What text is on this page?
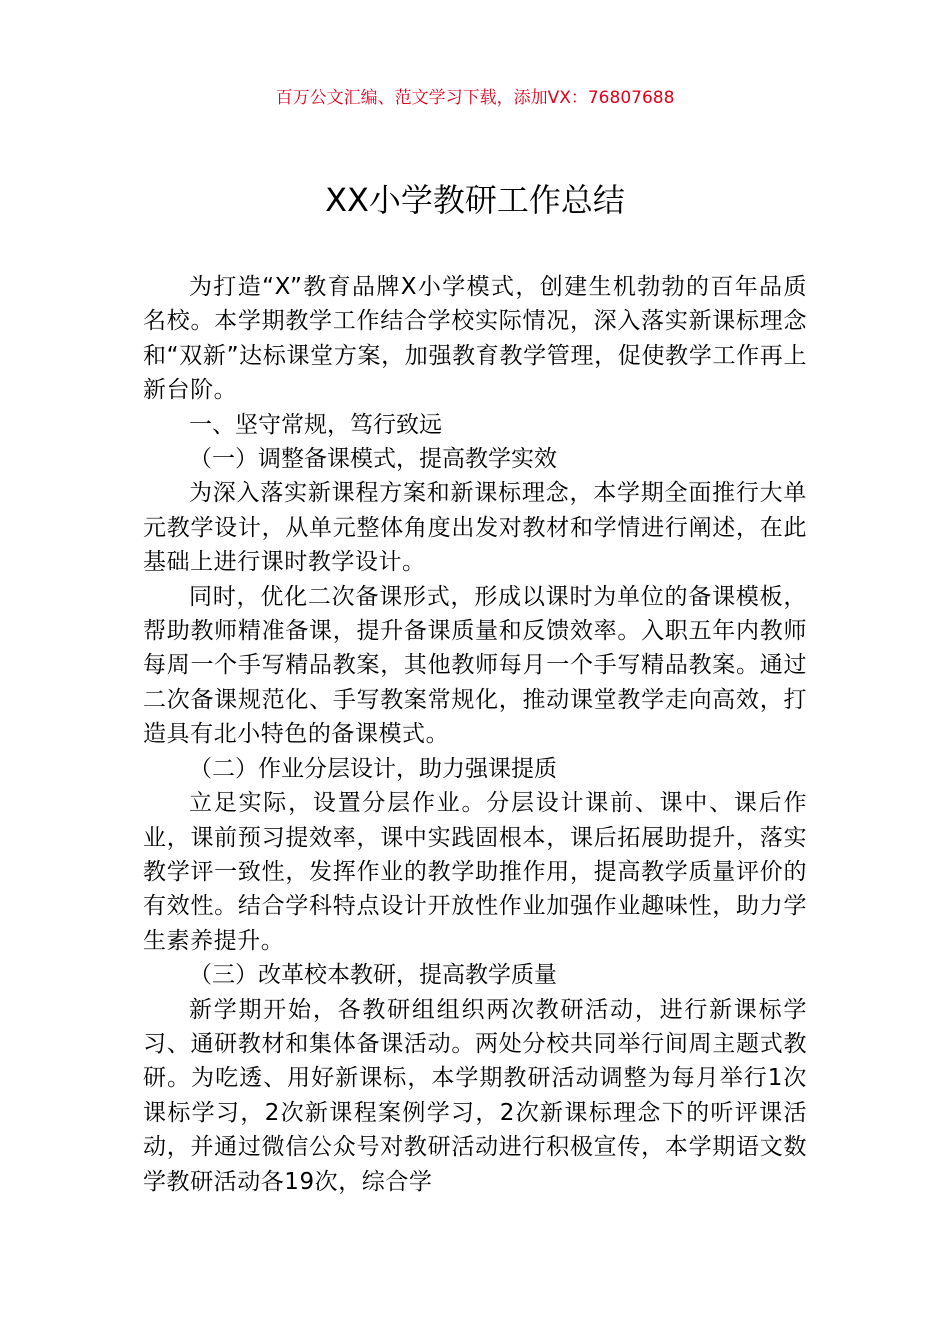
百万公文汇编、范文学习下载，添加VX：76807688
XX小学教研工作总结

为打造“X”教育品牌X小学模式，创建生机勃勃的百年品质名校。本学期教学工作结合学校实际情况，深入落实新课标理念和“双新”达标课堂方案，加强教育教学管理，促使教学工作再上新台阶。

一、坚守常规，笃行致远

（一）调整备课模式，提高教学实效

为深入落实新课程方案和新课标理念，本学期全面推行大单元教学设计，从单元整体角度出发对教材和学情进行阐述，在此基础上进行课时教学设计。

同时，优化二次备课形式，形成以课时为单位的备课模板，帮助教师精准备课，提升备课质量和反馈效率。入职五年内教师每周一个手写精品教案，其他教师每月一个手写精品教案。通过二次备课规范化、手写教案常规化，推动课堂教学走向高效，打造具有北小特色的备课模式。

（二）作业分层设计，助力强课提质

立足实际，设置分层作业。分层设计课前、课中、课后作业，课前预习提效率，课中实践固根本，课后拓展助提升，落实教学评一致性，发挥作业的教学助推作用，提高教学质量评价的有效性。结合学科特点设计开放性作业加强作业趣味性，助力学生素养提升。

（三）改革校本教研，提高教学质量

新学期开始，各教研组组织两次教研活动，进行新课标学习、通研教材和集体备课活动。两处分校共同举行间周主题式教研。为吃透、用好新课标，本学期教研活动调整为每月举行1次课标学习，2次新课程案例学习，2次新课标理念下的听评课活动，并通过微信公众号对教研活动进行积极宣传，本学期语文数学教研活动各19次，综合学
